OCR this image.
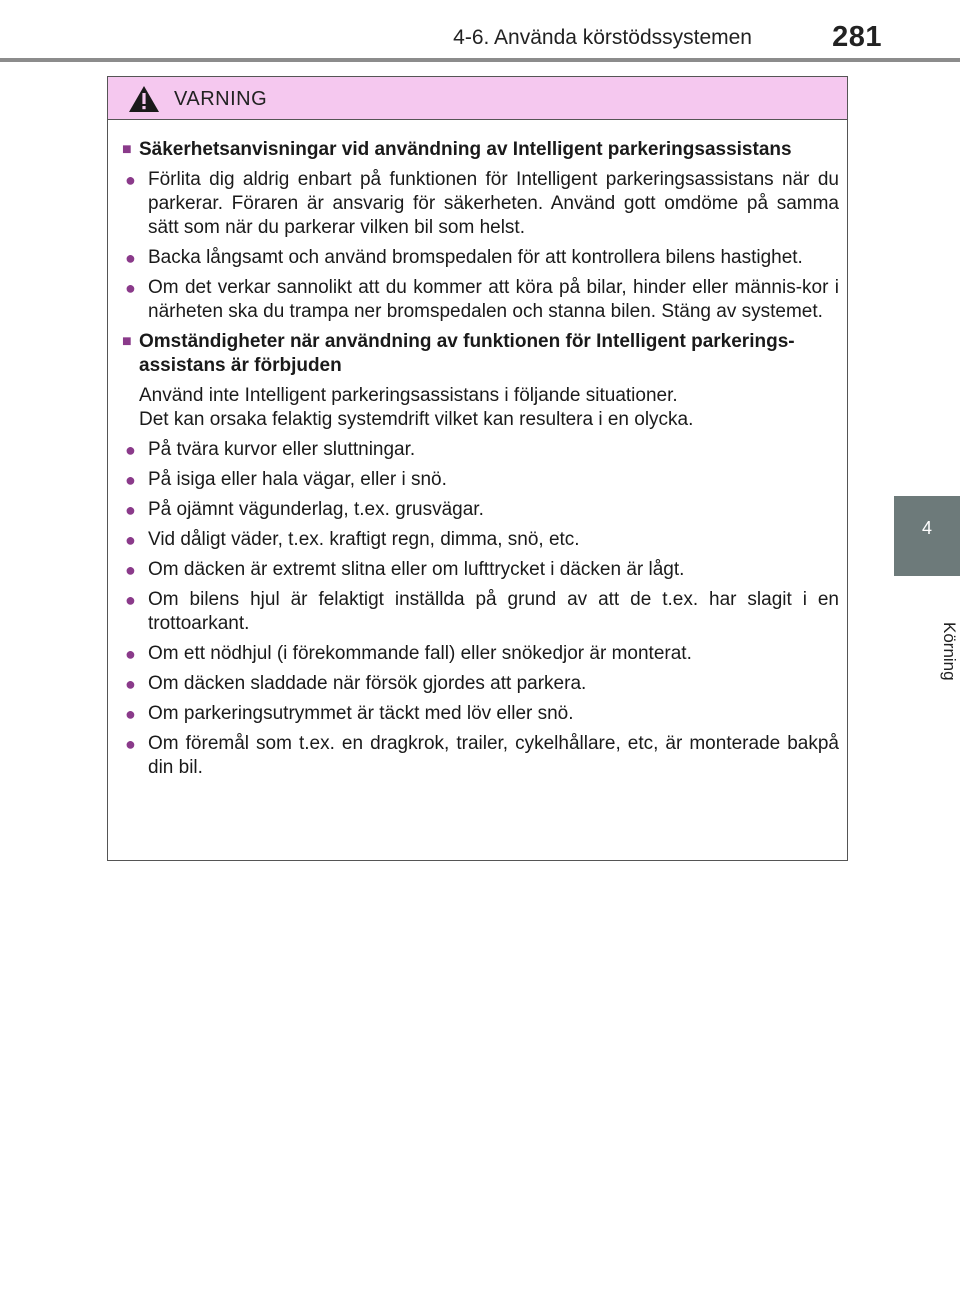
4-6. Använda körstödssystemen	281
4
Körning
VARNING
■ Säkerhetsanvisningar vid användning av Intelligent parkeringsassistans
● Förlita dig aldrig enbart på funktionen för Intelligent parkeringsassistans när du parkerar. Föraren är ansvarig för säkerheten. Använd gott omdöme på samma sätt som när du parkerar vilken bil som helst.
● Backa långsamt och använd bromspedalen för att kontrollera bilens hastighet.
● Om det verkar sannolikt att du kommer att köra på bilar, hinder eller männis-kor i närheten ska du trampa ner bromspedalen och stanna bilen. Stäng av systemet.
■ Omständigheter när användning av funktionen för Intelligent parkerings-assistans är förbjuden

Använd inte Intelligent parkeringsassistans i följande situationer.

Det kan orsaka felaktig systemdrift vilket kan resultera i en olycka.

● På tvära kurvor eller sluttningar.
● På isiga eller hala vägar, eller i snö.
● På ojämnt vägunderlag, t.ex. grusvägar.
● Vid dåligt väder, t.ex. kraftigt regn, dimma, snö, etc.
● Om däcken är extremt slitna eller om lufttrycket i däcken är lågt.
● Om bilens hjul är felaktigt inställda på grund av att de t.ex. har slagit i en trottoarkant.
● Om ett nödhjul (i förekommande fall) eller snökedjor är monterat.
● Om däcken sladdade när försök gjordes att parkera.
● Om parkeringsutrymmet är täckt med löv eller snö.
● Om föremål som t.ex. en dragkrok, trailer, cykelhållare, etc, är monterade bakpå din bil.
